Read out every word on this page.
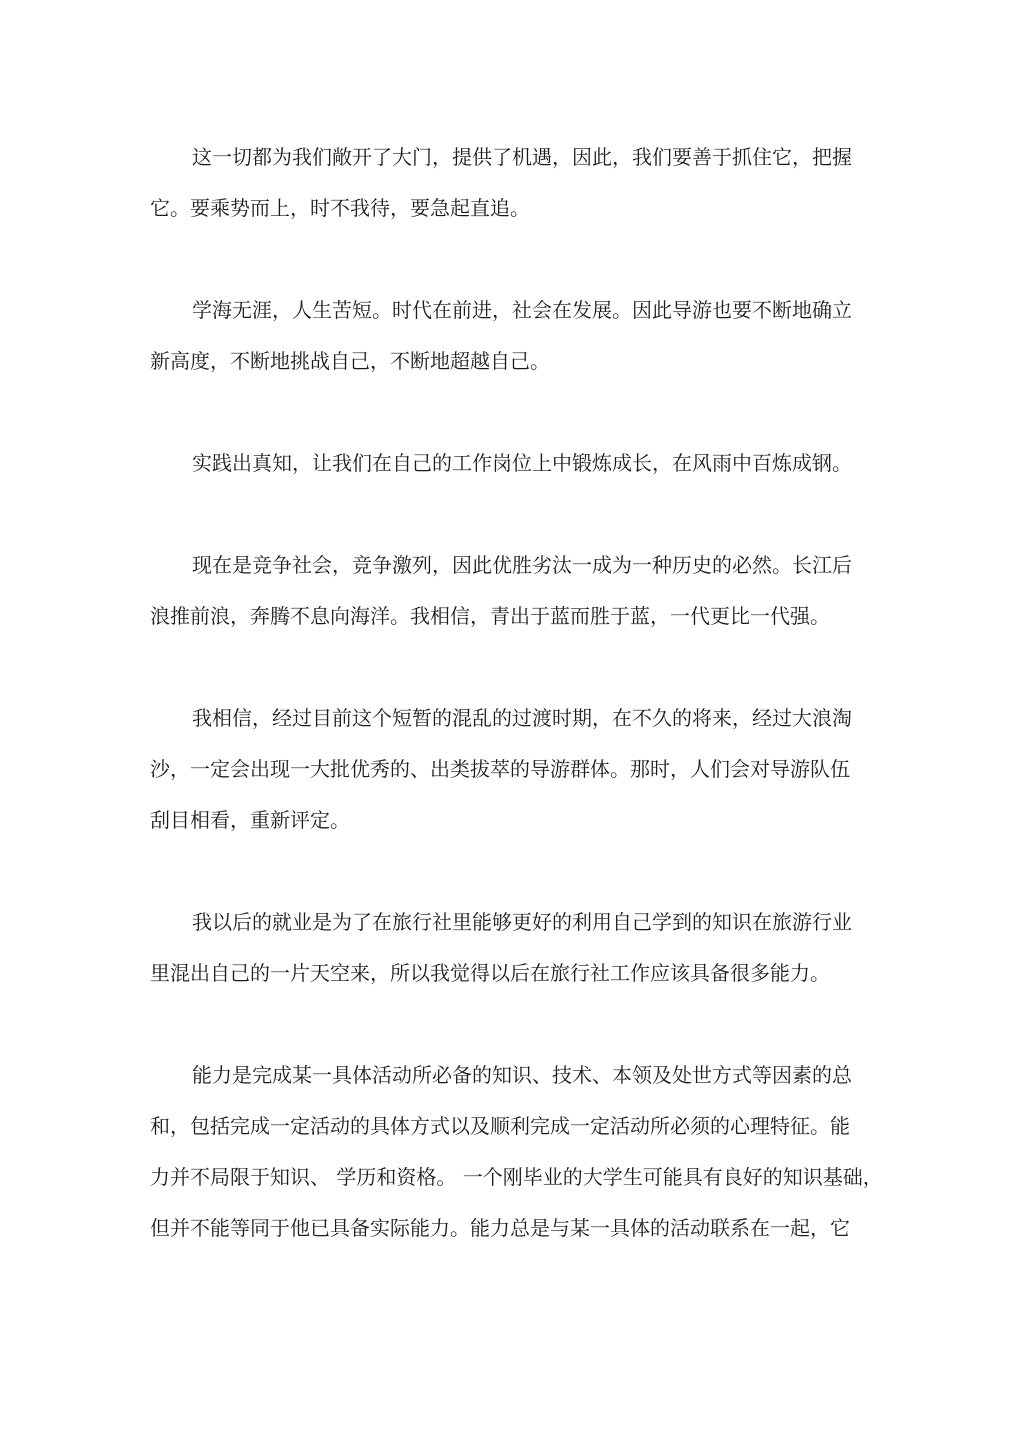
这一切都为我们敞开了大门，提供了机遇，因此，我们要善于抓住它，把握
它。要乘势而上，时不我待，要急起直追。

学海无涯，人生苦短。时代在前进，社会在发展。因此导游也要不断地确立
新高度，不断地挑战自己，不断地超越自己。

实践出真知，让我们在自己的工作岗位上中锻炼成长，在风雨中百炼成钢。

现在是竞争社会，竞争激列，因此优胜劣汰一成为一种历史的必然。长江后
浪推前浪，奔腾不息向海洋。我相信，青出于蓝而胜于蓝，一代更比一代强。

我相信，经过目前这个短暂的混乱的过渡时期，在不久的将来，经过大浪淘
沙，一定会出现一大批优秀的、出类拔萃的导游群体。那时，人们会对导游队伍
刮目相看，重新评定。

我以后的就业是为了在旅行社里能够更好的利用自己学到的知识在旅游行业
里混出自己的一片天空来，所以我觉得以后在旅行社工作应该具备很多能力。

能力是完成某一具体活动所必备的知识、技术、本领及处世方式等因素的总
和，包括完成一定活动的具体方式以及顺利完成一定活动所必须的心理特征。能
力并不局限于知识、 学历和资格。 一个刚毕业的大学生可能具有良好的知识基础，
但并不能等同于他已具备实际能力。能力总是与某一具体的活动联系在一起，它
